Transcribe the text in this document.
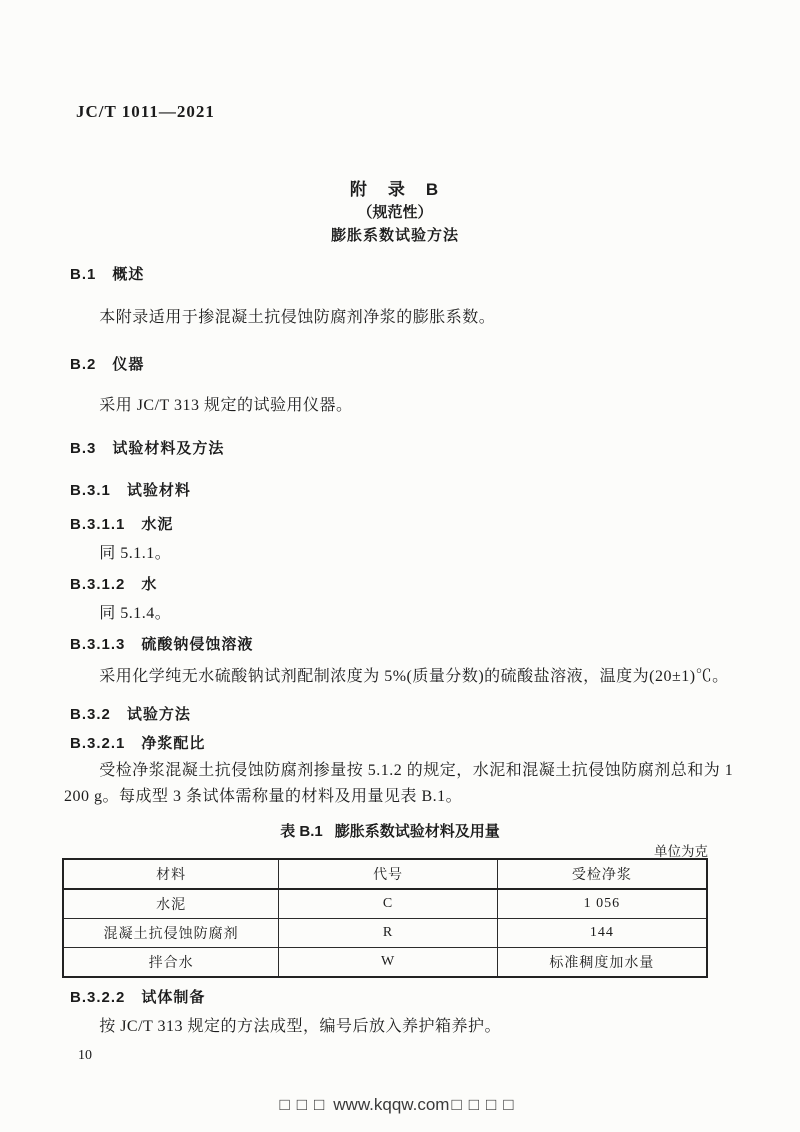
JC/T 1011—2021
附　录　B
（规范性）
膨胀系数试验方法
B.1 概述
本附录适用于掺混凝土抗侵蚀防腐剂净浆的膨胀系数。
B.2 仪器
采用 JC/T 313 规定的试验用仪器。
B.3 试验材料及方法
B.3.1 试验材料
B.3.1.1 水泥
同 5.1.1。
B.3.1.2 水
同 5.1.4。
B.3.1.3 硫酸钠侵蚀溶液
采用化学纯无水硫酸钠试剂配制浓度为 5%(质量分数)的硫酸盐溶液，温度为(20±1)℃。
B.3.2 试验方法
B.3.2.1 净浆配比
受检净浆混凝土抗侵蚀防腐剂掺量按 5.1.2 的规定，水泥和混凝土抗侵蚀防腐剂总和为 1 200 g。每成型 3 条试体需称量的材料及用量见表 B.1。
表 B.1 膨胀系数试验材料及用量
单位为克
材料	代号	受检净浆
水泥	C	1 056
混凝土抗侵蚀防腐剂	R	144
拌合水	W	标准稠度加水量
B.3.2.2 试体制备
按 JC/T 313 规定的方法成型，编号后放入养护箱养护。
10
□□□ www.kqqw.com □□□□
